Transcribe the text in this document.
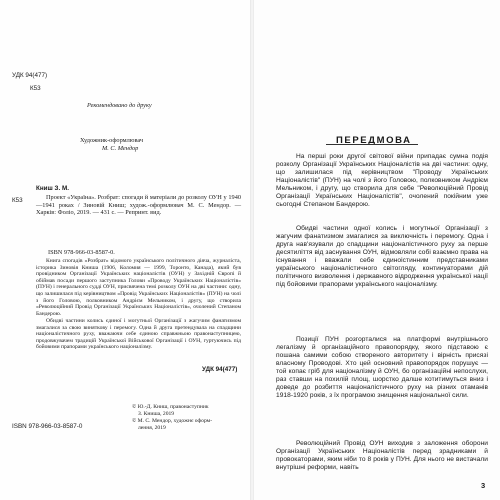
УДК 94(477)
К53
Рекомендовано до друку
Художник-оформлювач
М. С. Мендор
К53
Книш З. М.
Проект «Украïна». Розбрат: спогади й матеріали до розколу ОУН у 1940—1941 роках / Зиновій Книш; худож.-оформлювач М. С. Мендор. — Харків: Фоліо, 2019. — 431 с. — Репринт. вид.
ISBN 978-966-03-8587-0.
Книга спогадів «Розбрат» відомого українського політичного діяча, журналіста, історика Зиновія Книша (1906, Коломия — 1999, Торонто, Канада), який був провідником Організації Українських націоналістів (ОУН) у Західній Європі й обіймав посади першого заступника Голови «Проводу Українських Націоналістів» (ПУН) і генерального судді ОУН, присвячена темі розколу ОУН на дві частини: одну, що залишилася під керівництвом «Провід Українських Націоналістів» (ПУН) на чолі з його Головою, полковником Андрієм Мельником, і другу, що створила «Революційний Провід Організації Українських Націоналістів», очолений Степаном Бандерою.
Обидві частини колись єдиної і могутньої Організації з жагучим фанатизмом змагалися за свою виняткову і перемогу. Одна й друга претендувала на спадщини націоналістичного руху, вважаючи себе єдиною справжньою правонаступницею, продовжувачем традицій Української Військової Організації і ОУН, гуртуючись під бойовими прапорами українського націоналізму.
УДК 94(477)
© Ю.-Д. Книш, правонаступник
З. Книша, 2019
© М. С. Мендор, художнє оформ-
лення, 2019
ISBN 978-966-03-8587-0
ПЕРЕДМОВА

На перші роки другої світової війни припадає сумна подія розколу Організації Українських Націоналістів на дві частини: одну, що залишилася під керівництвом "Проводу Українських Націоналістів" (ПУН) на чолі з його Головою, полковником Андрієм Мельником, і другу, що створила для себе "Революційний Провід Організації Українських Націоналістів", очолений покійним уже сьогодні Степаном Бандерою.

Обидві частини одної колись і могутньої Організації з жагучим фанатизмом змагалися за виключність і перемогу. Одна і друга нав'язували до спадщини націоналістичного руху за перше десятиліття від заснування ОУН, відмовляли собі взаємно права на існування і вважали себе єдиноістинним представниками українського націоналістичного світогляду, континуаторами дій політичного визволення і державного відродження української нації під бойовими прапорами українського націоналізму.

Позиції ПУН розгорталися на платформі внутрішнього легалізму й організаційного правопорядку, якого підставою є пошана самими собою створеного авторитету і вірність присязі власному Проводові. Хто цей основний правопорядок порушує — той копає гріб для націоналізму й ОУН, бо організаційні непослухи, раз ставши на похилій площ, шорстко далше котитимуться вниз і доведе до розбиття націоналістичного руху на різних отаманів 1918-1920 років, з їх програмою знищення національної сили.

Революційний Провід ОУН виходив з заложення оборони Організації Українських Націоналістів перед зрадниками й провокаторами, яким ніби то 8 років у ПУН. Для нього не вистачали внутрішні реформи, навіть

3
